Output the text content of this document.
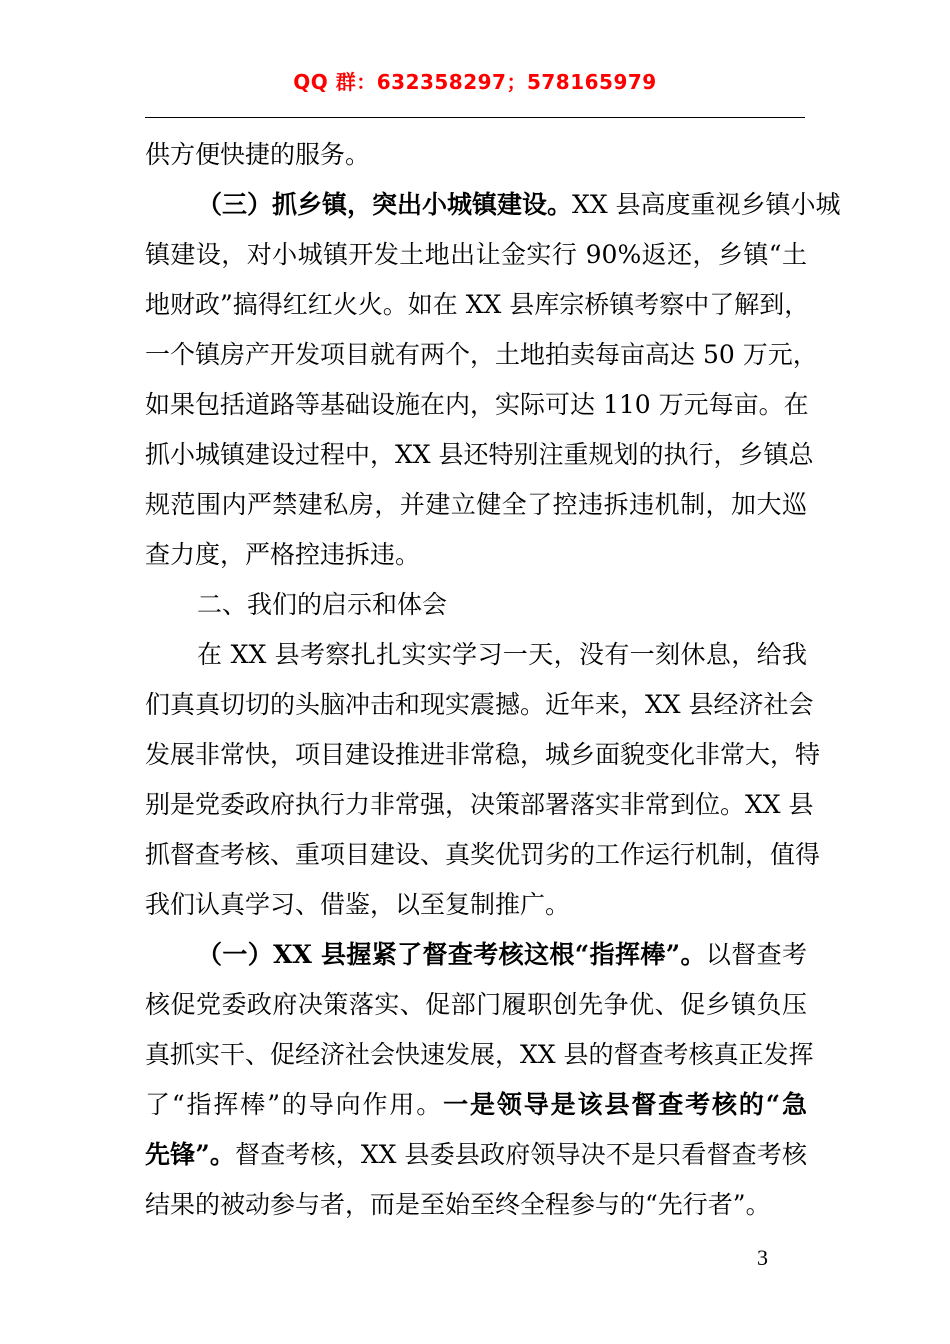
QQ 群：632358297；578165979
供方便快捷的服务。
（三）抓乡镇，突出小城镇建设。XX 县高度重视乡镇小城
镇建设，对小城镇开发土地出让金实行 90%返还，乡镇“土
地财政”搞得红红火火。如在 XX 县库宗桥镇考察中了解到，
一个镇房产开发项目就有两个，土地拍卖每亩高达 50 万元，
如果包括道路等基础设施在内，实际可达 110 万元每亩。在
抓小城镇建设过程中，XX 县还特别注重规划的执行，乡镇总
规范围内严禁建私房，并建立健全了控违拆违机制，加大巡
查力度，严格控违拆违。
二、我们的启示和体会
在 XX 县考察扎扎实实学习一天，没有一刻休息，给我
们真真切切的头脑冲击和现实震撼。近年来，XX 县经济社会
发展非常快，项目建设推进非常稳，城乡面貌变化非常大，特
别是党委政府执行力非常强，决策部署落实非常到位。XX 县
抓督查考核、重项目建设、真奖优罚劣的工作运行机制，值得
我们认真学习、借鉴，以至复制推广。
（一）XX 县握紧了督查考核这根“指挥棒”。以督查考
核促党委政府决策落实、促部门履职创先争优、促乡镇负压
真抓实干、促经济社会快速发展，XX 县的督查考核真正发挥
了“指挥棒”的导向作用。一是领导是该县督查考核的“急
先锋”。督查考核，XX 县委县政府领导决不是只看督查考核
结果的被动参与者，而是至始至终全程参与的“先行者”。
3
